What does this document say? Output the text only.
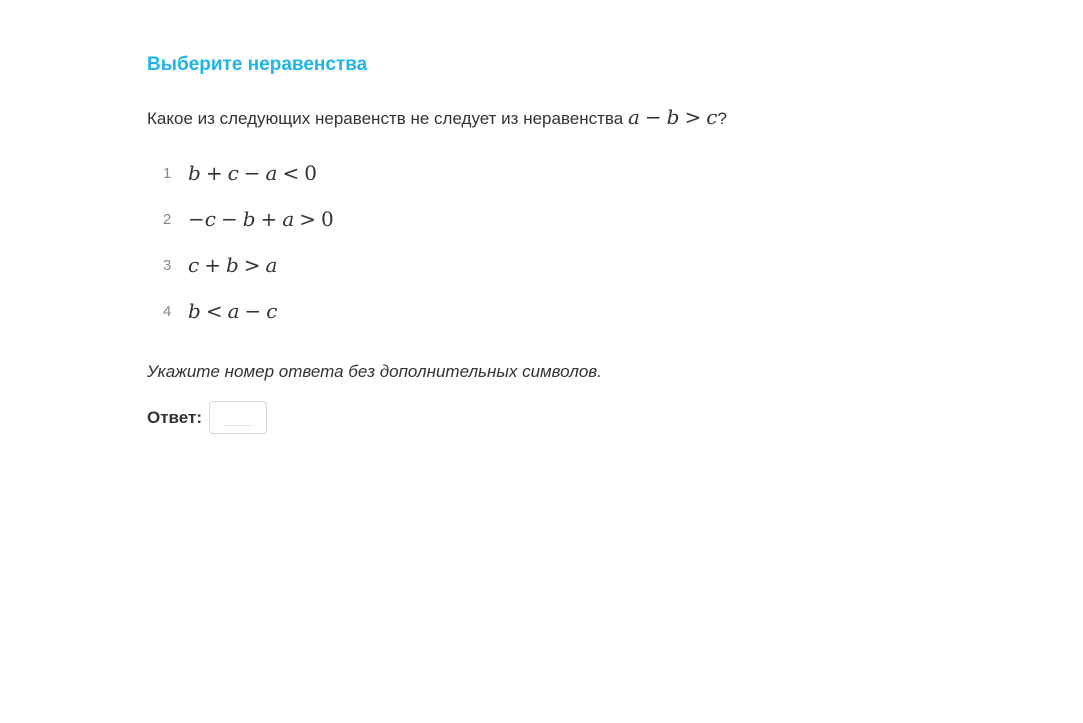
Выберите неравенства
Какое из следующих неравенств не следует из неравенства a − b > c?
1 b + c − a < 0
2 −c − b + a > 0
3 c + b > a
4 b < a − c
Укажите номер ответа без дополнительных символов.
Ответ:
